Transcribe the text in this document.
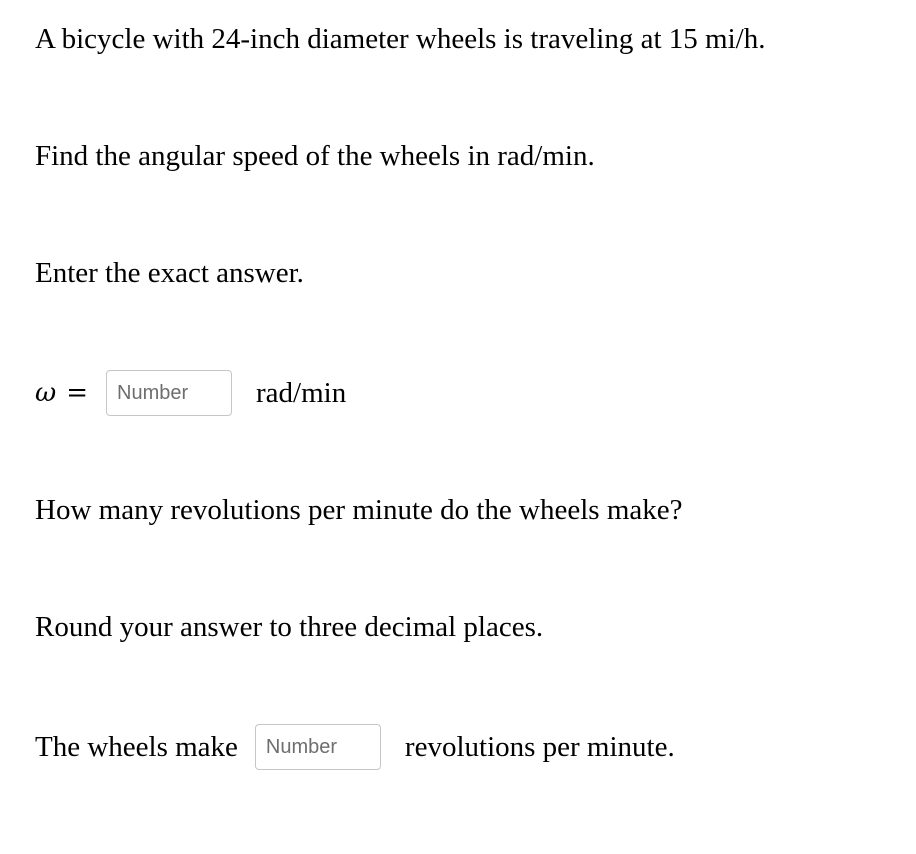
A bicycle with 24-inch diameter wheels is traveling at 15 mi/h.

Find the angular speed of the wheels in rad/min.

Enter the exact answer.

ω =
Number	rad/min

How many revolutions per minute do the wheels make?

Round your answer to three decimal places.

The wheels make
Number	revolutions per minute.
